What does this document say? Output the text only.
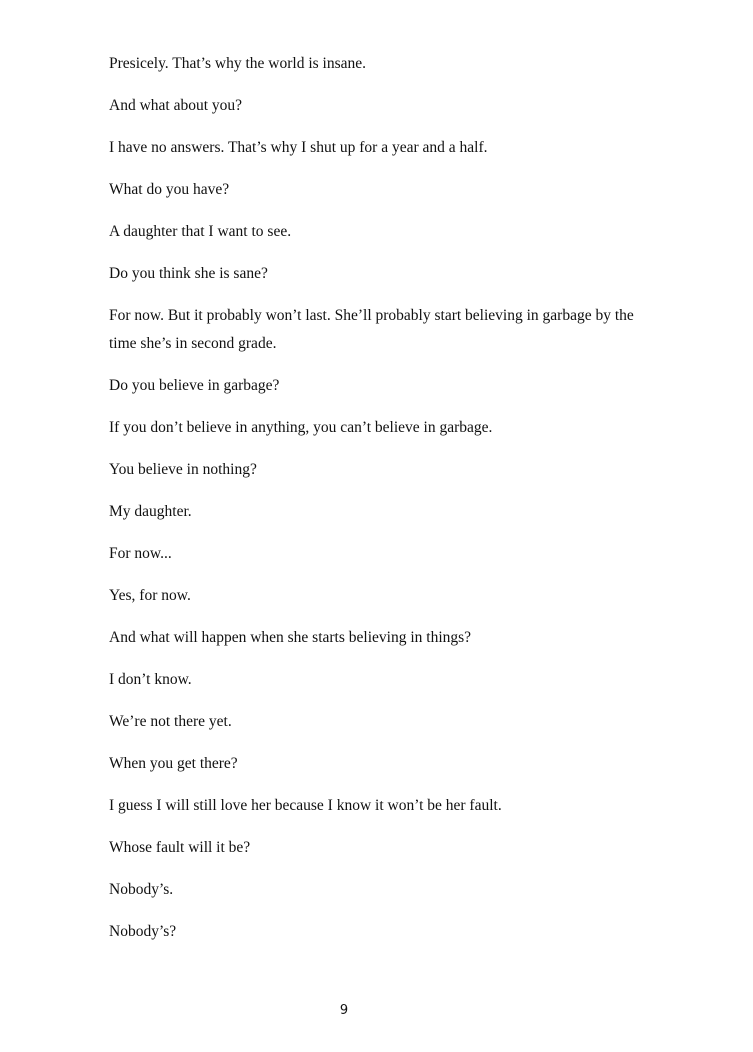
Presicely. That’s why the world is insane.

And what about you?

I have no answers. That’s why I shut up for a year and a half.

What do you have?

A daughter that I want to see.

Do you think she is sane?

For now. But it probably won’t last. She’ll probably start believing in garbage by the time she’s in second grade.

Do you believe in garbage?

If you don’t believe in anything, you can’t believe in garbage.

You believe in nothing?

My daughter.

For now...

Yes, for now.

And what will happen when she starts believing in things?

I don’t know.

We’re not there yet.

When you get there?

I guess I will still love her because I know it won’t be her fault.

Whose fault will it be?

Nobody’s.

Nobody’s?

9
